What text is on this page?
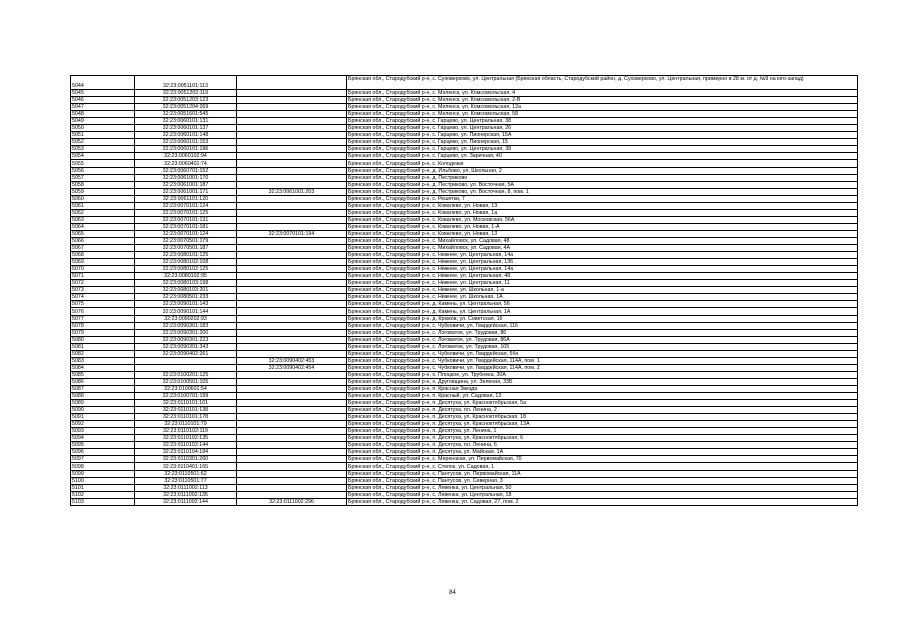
5044	32:23:0051101:113		Брянская обл., Стародубский р-н, с. Суховерхово, ул. Центральная (Брянская область, Стародубский район, д. Суховерхово, ул. Центральная, примерно в 28 м. от д. №9 на юго-запад)
5045	32:23:0051202:119		Брянская обл., Стародубский р-н, с. Меленск, ул. Комсомольская, 4
5046	32:23:0051203:123		Брянская обл., Стародубский р-н, с. Меленск, ул. Комсомольская, 2-В
5047	32:23:0051204:269		Брянская обл., Стародубский р-н, с. Меленск, ул. Комсомольская, 12а
5048	32:23:0051601:545		Брянская обл., Стародубский р-н, с. Меленск, ул. Комсомольская, 58
5049	32:23:0060101:131		Брянская обл., Стародубский р-н, с. Гарцево, ул. Центральная, 38
5050	32:23:0060101:137		Брянская обл., Стародубский р-н, с. Гарцево, ул. Центральная, 26
5051	32:23:0060101:148		Брянская обл., Стародубский р-н, с. Гарцево, ул. Пионерская, 15А
5052	32:23:0060101:153		Брянская обл., Стародубский р-н, с. Гарцево, ул. Пионерская, 15
5053	32:23:0060101:196		Брянская обл., Стародубский р-н, с. Гарцево, ул. Центральная, 38
5054	32:23:0060102:94		Брянская обл., Стародубский р-н, с. Гарцево, ул. Заречная, 40
5055	32:23:0060401:74		Брянская обл., Стародубский р-н, с. Колодезки
5056	32:23:0060701:152		Брянская обл., Стародубский р-н, д. Ильбово, ул. Школьная, 2
5057	32:23:0061001:170		Брянская обл., Стародубский р-н, д. Пестриково
5058	32:23:0061001:187		Брянская обл., Стародубский р-н, д. Пестриково, ул. Восточная, 5А
5059	32:23:0061001:171	32:23:0061001:203	Брянская обл., Стародубский р-н, д. Пестриково, ул. Восточная, 8, пом. 1
5060	32:23:0061101:120		Брянская обл., Стародубский р-н, с. Решетки, 7
5061	32:23:0070101:124		Брянская обл., Стародубский р-н, с. Ковалево, ул. Новая, 13
5062	32:23:0070101:125		Брянская обл., Стародубский р-н, с. Ковалево, ул. Новая, 1а
5063	32:23:0070101:131		Брянская обл., Стародубский р-н, с. Ковалево, ул. Московская, 56А
5064	32:23:0070101:181		Брянская обл., Стародубский р-н, с. Ковалево, ул. Новая, 1-А
5065	32:23:0070101:124	32:23:0070101:194	Брянская обл., Стародубский р-н, с. Ковалево, ул. Новая, 13
5066	32:23:0070501:179		Брянская обл., Стародубский р-н, с. Михайловск, ул. Садовая, 48
5067	32:23:0070501:187		Брянская обл., Стародубский р-н, с. Михайловск, ул. Садовая, 4А
5068	32:23:0080101:125		Брянская обл., Стародубский р-н, с. Нижнее, ул. Центральная, 14а
5069	32:23:0080102:108		Брянская обл., Стародубский р-н, с. Нижнее, ул. Центральная, 136
5070	32:23:0080102:125		Брянская обл., Стародубский р-н, с. Нижнее, ул. Центральная, 14а
5071	32:23:0080102:95		Брянская обл., Стародубский р-н, с. Нижнее, ул. Центральная, 48
5072	32:23:0080103:198		Брянская обл., Стародубский р-н, с. Нижнее, ул. Центральная, 11
5073	32:23:0080103:201		Брянская обл., Стародубский р-н, с. Нижнее, ул. Школьная, 1-а
5074	32:23:0080501:233		Брянская обл., Стародубский р-н, с. Нижнее, ул. Школьная, 1А
5075	32:23:0090101:143		Брянская обл., Стародубский р-н, д. Камень, ул. Центральная, 56
5076	32:23:0090101:144		Брянская обл., Стародубский р-н, д. Камень, ул. Центральная, 1А
5077	32:23:0090202:93		Брянская обл., Стародубский р-н, д. Крюков, ул. Советская, 16
5078	32:23:0090301:183		Брянская обл., Стародубский р-н, с. Чубковичи, ул. Гвардейская, 116
5079	32:23:0090301:200		Брянская обл., Стародубский р-н, с. Логоватое, ул. Трудовая, 86
5080	32:23:0090301:223		Брянская обл., Стародубский р-н, с. Логоватое, ул. Трудовая, 86А
5081	32:23:0090301:343		Брянская обл., Стародубский р-н, с. Логоватое, ул. Трудовая, 105
5082	32:23:0090402:261		Брянская обл., Стародубский р-н, с. Чубковичи, ул. Гвардейская, 5бн
5083		32:23:0090402:453	Брянская обл., Стародубский р-н, с. Чубковичи, ул. Гвардейская, 114А, пом. 1
5084		32:23:0090402:454	Брянская обл., Стародубский р-н, с. Чубковичи, ул. Гвардейская, 114А, пом. 2
5085	32:23:0100201:125		Брянская обл., Стародубский р-н, х. Плоцкое, ул. Трубнека, 30А
5086	32:23:0100501:105		Брянская обл., Стародубский р-н, х. Друговщина, ул. Зеленая, 33Б
5087	32:23:0100601:54		Брянская обл., Стародубский р-н, п. Красная Звезда
5088	32:23:0100701:199		Брянская обл., Стародубский р-н, п. Красный, ул. Садовая, 13
5089	32:23:0110101:101		Брянская обл., Стародубский р-н, п. Десятуха, ул. Красноктябрьская, 5а
5090	32:23:0110101:138		Брянская обл., Стародубский р-н, п. Десятуха, пл. Ленина, 2
5091	32:23:0110101:178		Брянская обл., Стародубский р-н, п. Десятуха, ул. Красноктябрьская, 18
5092	32:23:0110101:79		Брянская обл., Стародубский р-н, п. Десятуха, ул. Красноктябрьская, 13А
5093	32:23:0110102:119		Брянская обл., Стародубский р-н, п. Десятуха, ул. Ленина, 1
5094	32:23:0110102:135		Брянская обл., Стародубский р-н, п. Десятуха, ул. Красноктябрьская, 6
5095	32:23:0110102:144		Брянская обл., Стародубский р-н, п. Десятуха, пл. Ленина, 6
5096	32:23:0110104:184		Брянская обл., Стародубский р-н, п. Десятуха, ул. Майская, 1А
5097	32:23:0110301:260		Брянская обл., Стародубский р-н, с. Меренокая, ул. Первомайская, 70
5098	32:23:0110401:165		Брянская обл., Стародубский р-н, с. Степок, ул. Садовая, 1
5099	32:23:0110501:62		Брянская обл., Стародубский р-н, с. Пантусов, ул. Первомайская, 11А
5100	32:23:0110501:77		Брянская обл., Стародубский р-н, с. Пантусов, ул. Северная, 3
5101	32:23:0111002:113		Брянская обл., Стародубский р-н, с. Левенка, ул. Центральная, 50
5102	32:23:0111002:135		Брянская обл., Стародубский р-н, с. Левенка, ул. Центральная, 18
5103	32:23:0111002:144	32:23:0111002:296	Брянская обл., Стародубский р-н, с. Левенка, ул. Садовая, 27, пом. 2
84
